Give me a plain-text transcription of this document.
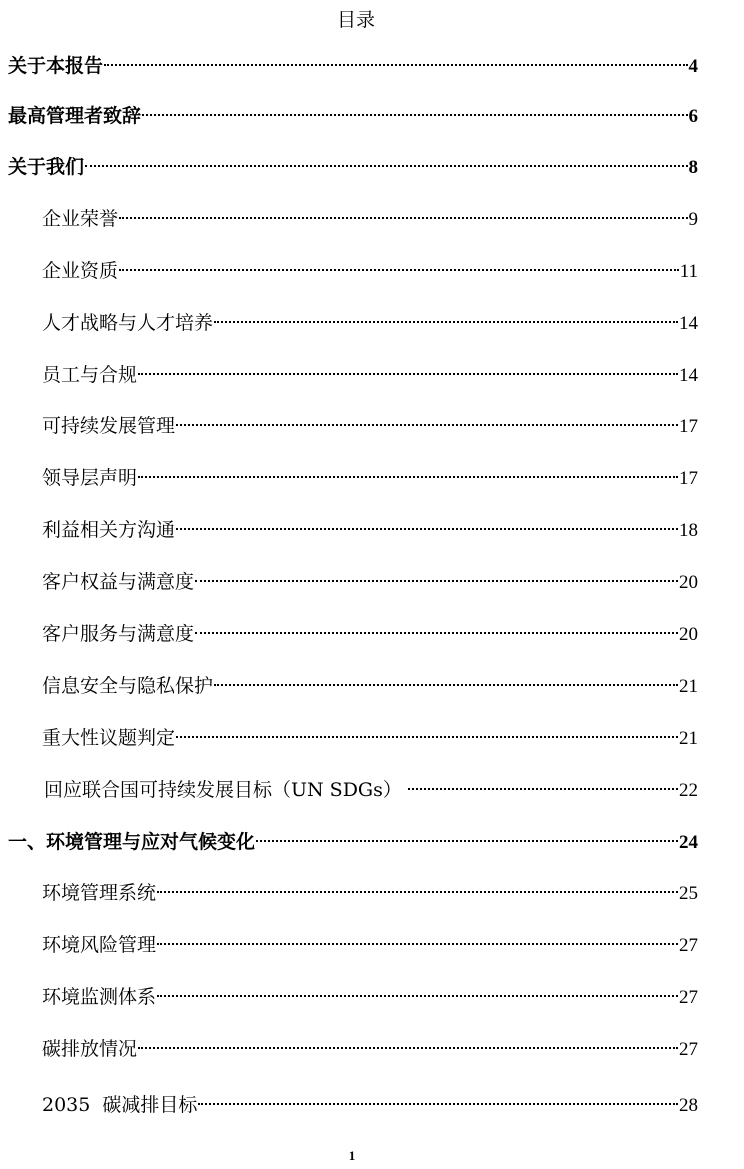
目录
关于本报告	4
最高管理者致辞	6
关于我们	8
企业荣誉	9
企业资质	11
人才战略与人才培养	14
员工与合规	14
可持续发展管理	17
领导层声明	17
利益相关方沟通	18
客户权益与满意度	20
客户服务与满意度	20
信息安全与隐私保护	21
重大性议题判定	21
回应联合国可持续发展目标（UN SDGs）	22
一、环境管理与应对气候变化	24
环境管理系统	25
环境风险管理	27
环境监测体系	27
碳排放情况	27
2035  碳减排目标	28
1
